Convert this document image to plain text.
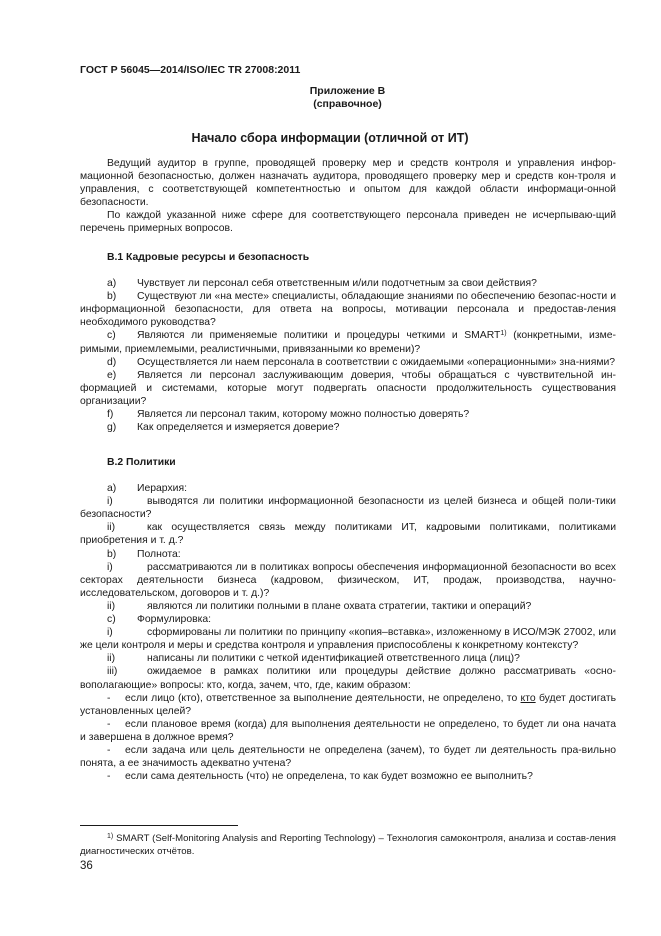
ГОСТ Р 56045—2014/ISO/IEC TR 27008:2011
Приложение В
(справочное)
Начало сбора информации (отличной от ИТ)

Ведущий аудитор в группе, проводящей проверку мер и средств контроля и управления инфор-мационной безопасностью, должен назначать аудитора, проводящего проверку мер и средств кон-троля и управления, с соответствующей компетентностью и опытом для каждой области информаци-онной безопасности.

По каждой указанной ниже сфере для соответствующего персонала приведен не исчерпываю-щий перечень примерных вопросов.

В.1 Кадровые ресурсы и безопасность

a) Чувствует ли персонал себя ответственным и/или подотчетным за свои действия?

b) Существуют ли «на месте» специалисты, обладающие знаниями по обеспечению безопас-ности и информационной безопасности, для ответа на вопросы, мотивации персонала и предостав-ления необходимого руководства?

c) Являются ли применяемые политики и процедуры четкими и SMART$^{1)}$ (конкретными, изме-римыми, приемлемыми, реалистичными, привязанными ко времени)?

d) Осуществляется ли наем персонала в соответствии с ожидаемыми «операционными» зна-ниями?

e) Является ли персонал заслуживающим доверия, чтобы обращаться с чувствительной ин-формацией и системами, которые могут подвергать опасности продолжительность существования организации?

f) Является ли персонал таким, которому можно полностью доверять?

g) Как определяется и измеряется доверие?

В.2 Политики

a) Иерархия:

i)	выводятся ли политики информационной безопасности из целей бизнеса и общей поли-тики безопасности?

ii)	как осуществляется связь между политиками ИТ, кадровыми политиками, политиками приобретения и т. д.?

b) Полнота:

i)	рассматриваются ли в политиках вопросы обеспечения информационной безопасности во всех секторах деятельности бизнеса (кадровом, физическом, ИТ, продаж, производства, научно-исследовательском, договоров и т. д.)?

ii)	являются ли политики полными в плане охвата стратегии, тактики и операций?

c) Формулировка:

i)	сформированы ли политики по принципу «копия–вставка», изложенному в ИСО/МЭК 27002, или же цели контроля и меры и средства контроля и управления приспособлены к конкретному контексту?

ii)	написаны ли политики с четкой идентификацией ответственного лица (лиц)?

iii)	ожидаемое в рамках политики или процедуры действие должно рассматривать «осно-вополагающие» вопросы: кто, когда, зачем, что, где, каким образом:

- если лицо (кто), ответственное за выполнение деятельности, не определено, то кто будет достигать установленных целей?

- если плановое время (когда) для выполнения деятельности не определено, то будет ли она начата и завершена в должное время?

- если задача или цель деятельности не определена (зачем), то будет ли деятельность пра-вильно понята, а ее значимость адекватно учтена?

- если сама деятельность (что) не определена, то как будет возможно ее выполнить?

$^{1)}$ SMART (Self-Monitoring Analysis and Reporting Technology) – Технология самоконтроля, анализа и состав-ления диагностических отчётов.

36
